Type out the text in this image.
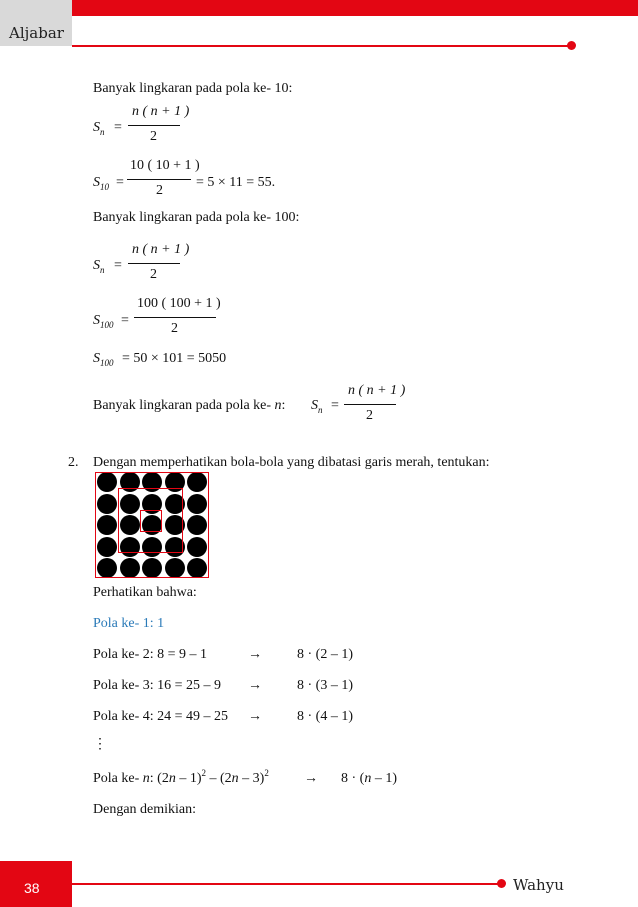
Aljabar
Banyak lingkaran pada pola ke- 10:
$S_n$ =
n ( n + 1 )
2
$S_{10}$ =
10 ( 10 + 1 )
2
= 5 × 11 = 55.
Banyak lingkaran pada pola ke- 100:
$S_n$ =
n ( n + 1 )
2
$S_{100}$ =
100 ( 100 + 1 )
2
$S_{100} = 50 \times 101 = 5050$
Banyak lingkaran pada pola ke- n: $S_n$ =
n ( n + 1 )
2
2. Dengan memperhatikan bola-bola yang dibatasi garis merah, tentukan:
Perhatikan bahwa:
Pola ke- 1: 1
Pola ke- 2: 8 = 9 – 1	→	8 · (2 – 1)
Pola ke- 3: 16 = 25 – 9 →	8 · (3 – 1)
Pola ke- 4: 24 = 49 – 25 →	8 · (4 – 1)
⋮
Pola ke- n: (2n – 1)$^2$ – (2n – 3)$^2$	→ 8 · (n – 1)
Dengan demikian:
38	Wahyu
